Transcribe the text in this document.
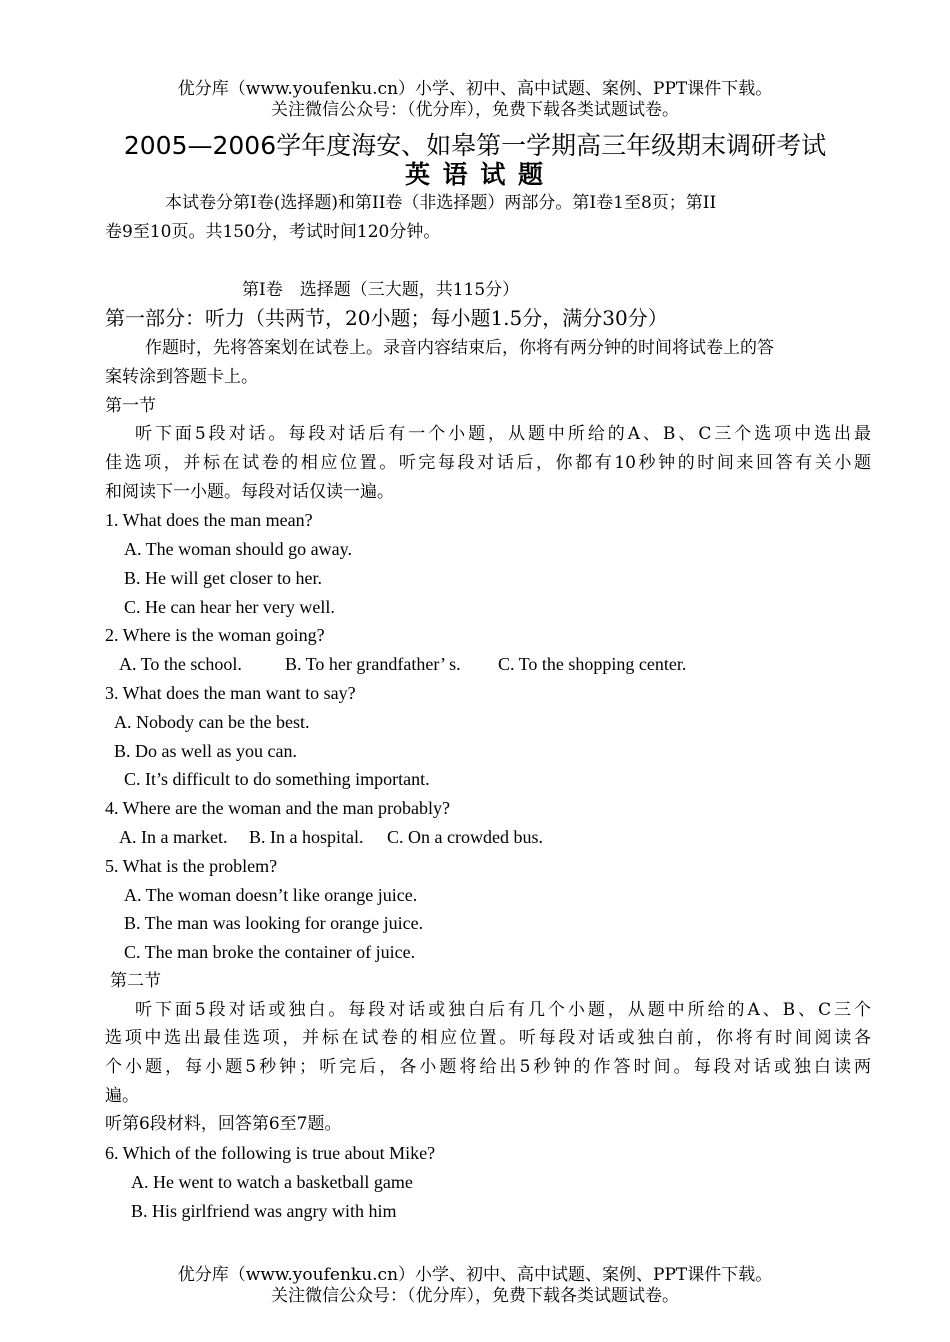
优分库（www.youfenku.cn）小学、初中、高中试题、案例、PPT课件下载。
关注微信公众号：（优分库），免费下载各类试题试卷。
2005—2006学年度海安、如皋第一学期高三年级期末调研考试
英 语 试 题
本试卷分第I卷(选择题)和第II卷（非选择题）两部分。第I卷1至8页；第II
卷9至10页。共150分，考试时间120分钟。
第I卷　选择题（三大题，共115分）
第一部分：听力（共两节，20小题；每小题1.5分，满分30分）
作题时，先将答案划在试卷上。录音内容结束后，你将有两分钟的时间将试卷上的答
案转涂到答题卡上。
第一节
听下面5段对话。每段对话后有一个小题，从题中所给的A、B、C三个选项中选出最
佳选项，并标在试卷的相应位置。听完每段对话后，你都有10秒钟的时间来回答有关小题
和阅读下一小题。每段对话仅读一遍。
1. What does the man mean?
A. The woman should go away.
B. He will get closer to her.
C. He can hear her very well.
2. Where is the woman going?
A. To the school. B. To her grandfather’ s. C. To the shopping center.
3. What does the man want to say?
A. Nobody can be the best.
B. Do as well as you can.
C. It’s difficult to do something important.
4. Where are the woman and the man probably?
A. In a market. B. In a hospital. C. On a crowded bus.
5. What is the problem?
A. The woman doesn’t like orange juice.
B. The man was looking for orange juice.
C. The man broke the container of juice.
第二节
听下面5段对话或独白。每段对话或独白后有几个小题，从题中所给的A、B、C三个
选项中选出最佳选项，并标在试卷的相应位置。听每段对话或独白前，你将有时间阅读各
个小题，每小题5秒钟；听完后，各小题将给出5秒钟的作答时间。每段对话或独白读两
遍。
听第6段材料，回答第6至7题。
6. Which of the following is true about Mike?
A. He went to watch a basketball game
B. His girlfriend was angry with him
优分库（www.youfenku.cn）小学、初中、高中试题、案例、PPT课件下载。
关注微信公众号：（优分库），免费下载各类试题试卷。
